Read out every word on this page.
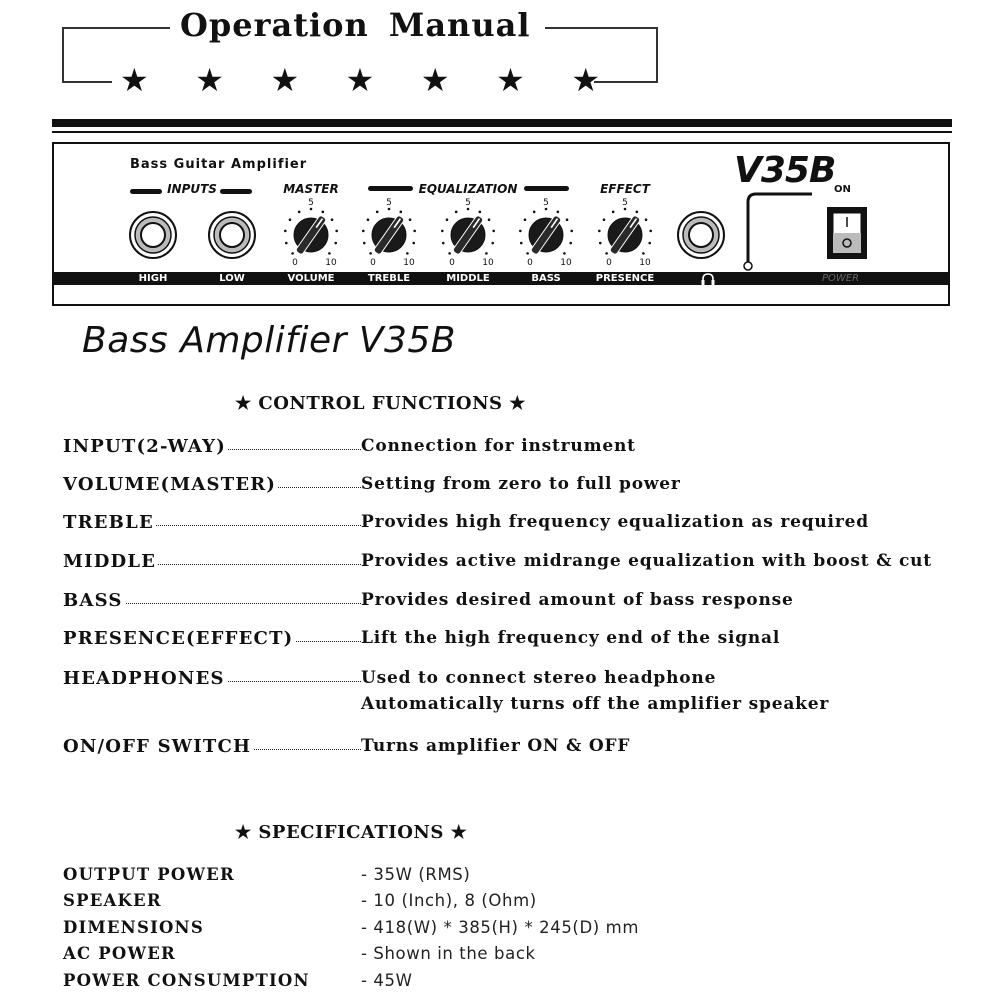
Operation Manual
★ ★ ★ ★ ★ ★ ★
5
0	10
5
0	10
5
0	10
5
0	10
5
0	10
Bass Guitar Amplifier
INPUTS	MASTER	EQUALIZATION	EFFECT V35B
ON
HIGH	LOW	VOLUME	TREBLE	MIDDLE	BASS	PRESENCE	POWER
Bass Amplifier V35B
★ CONTROL FUNCTIONS ★
INPUT(2-WAY)	Connection for instrument
VOLUME(MASTER)	Setting from zero to full power
TREBLE	Provides high frequency equalization as required
MIDDLE	Provides active midrange equalization with boost & cut
BASS	Provides desired amount of bass response
PRESENCE(EFFECT)	Lift the high frequency end of the signal
HEADPHONES	Used to connect stereo headphone
Automatically turns off the amplifier speaker
ON/OFF SWITCH	Turns amplifier ON & OFF
★ SPECIFICATIONS ★
OUTPUT POWER	- 35W (RMS)
SPEAKER	- 10 (Inch), 8 (Ohm)
DIMENSIONS	- 418(W) * 385(H) * 245(D) mm
AC POWER	- Shown in the back
POWER CONSUMPTION	- 45W
